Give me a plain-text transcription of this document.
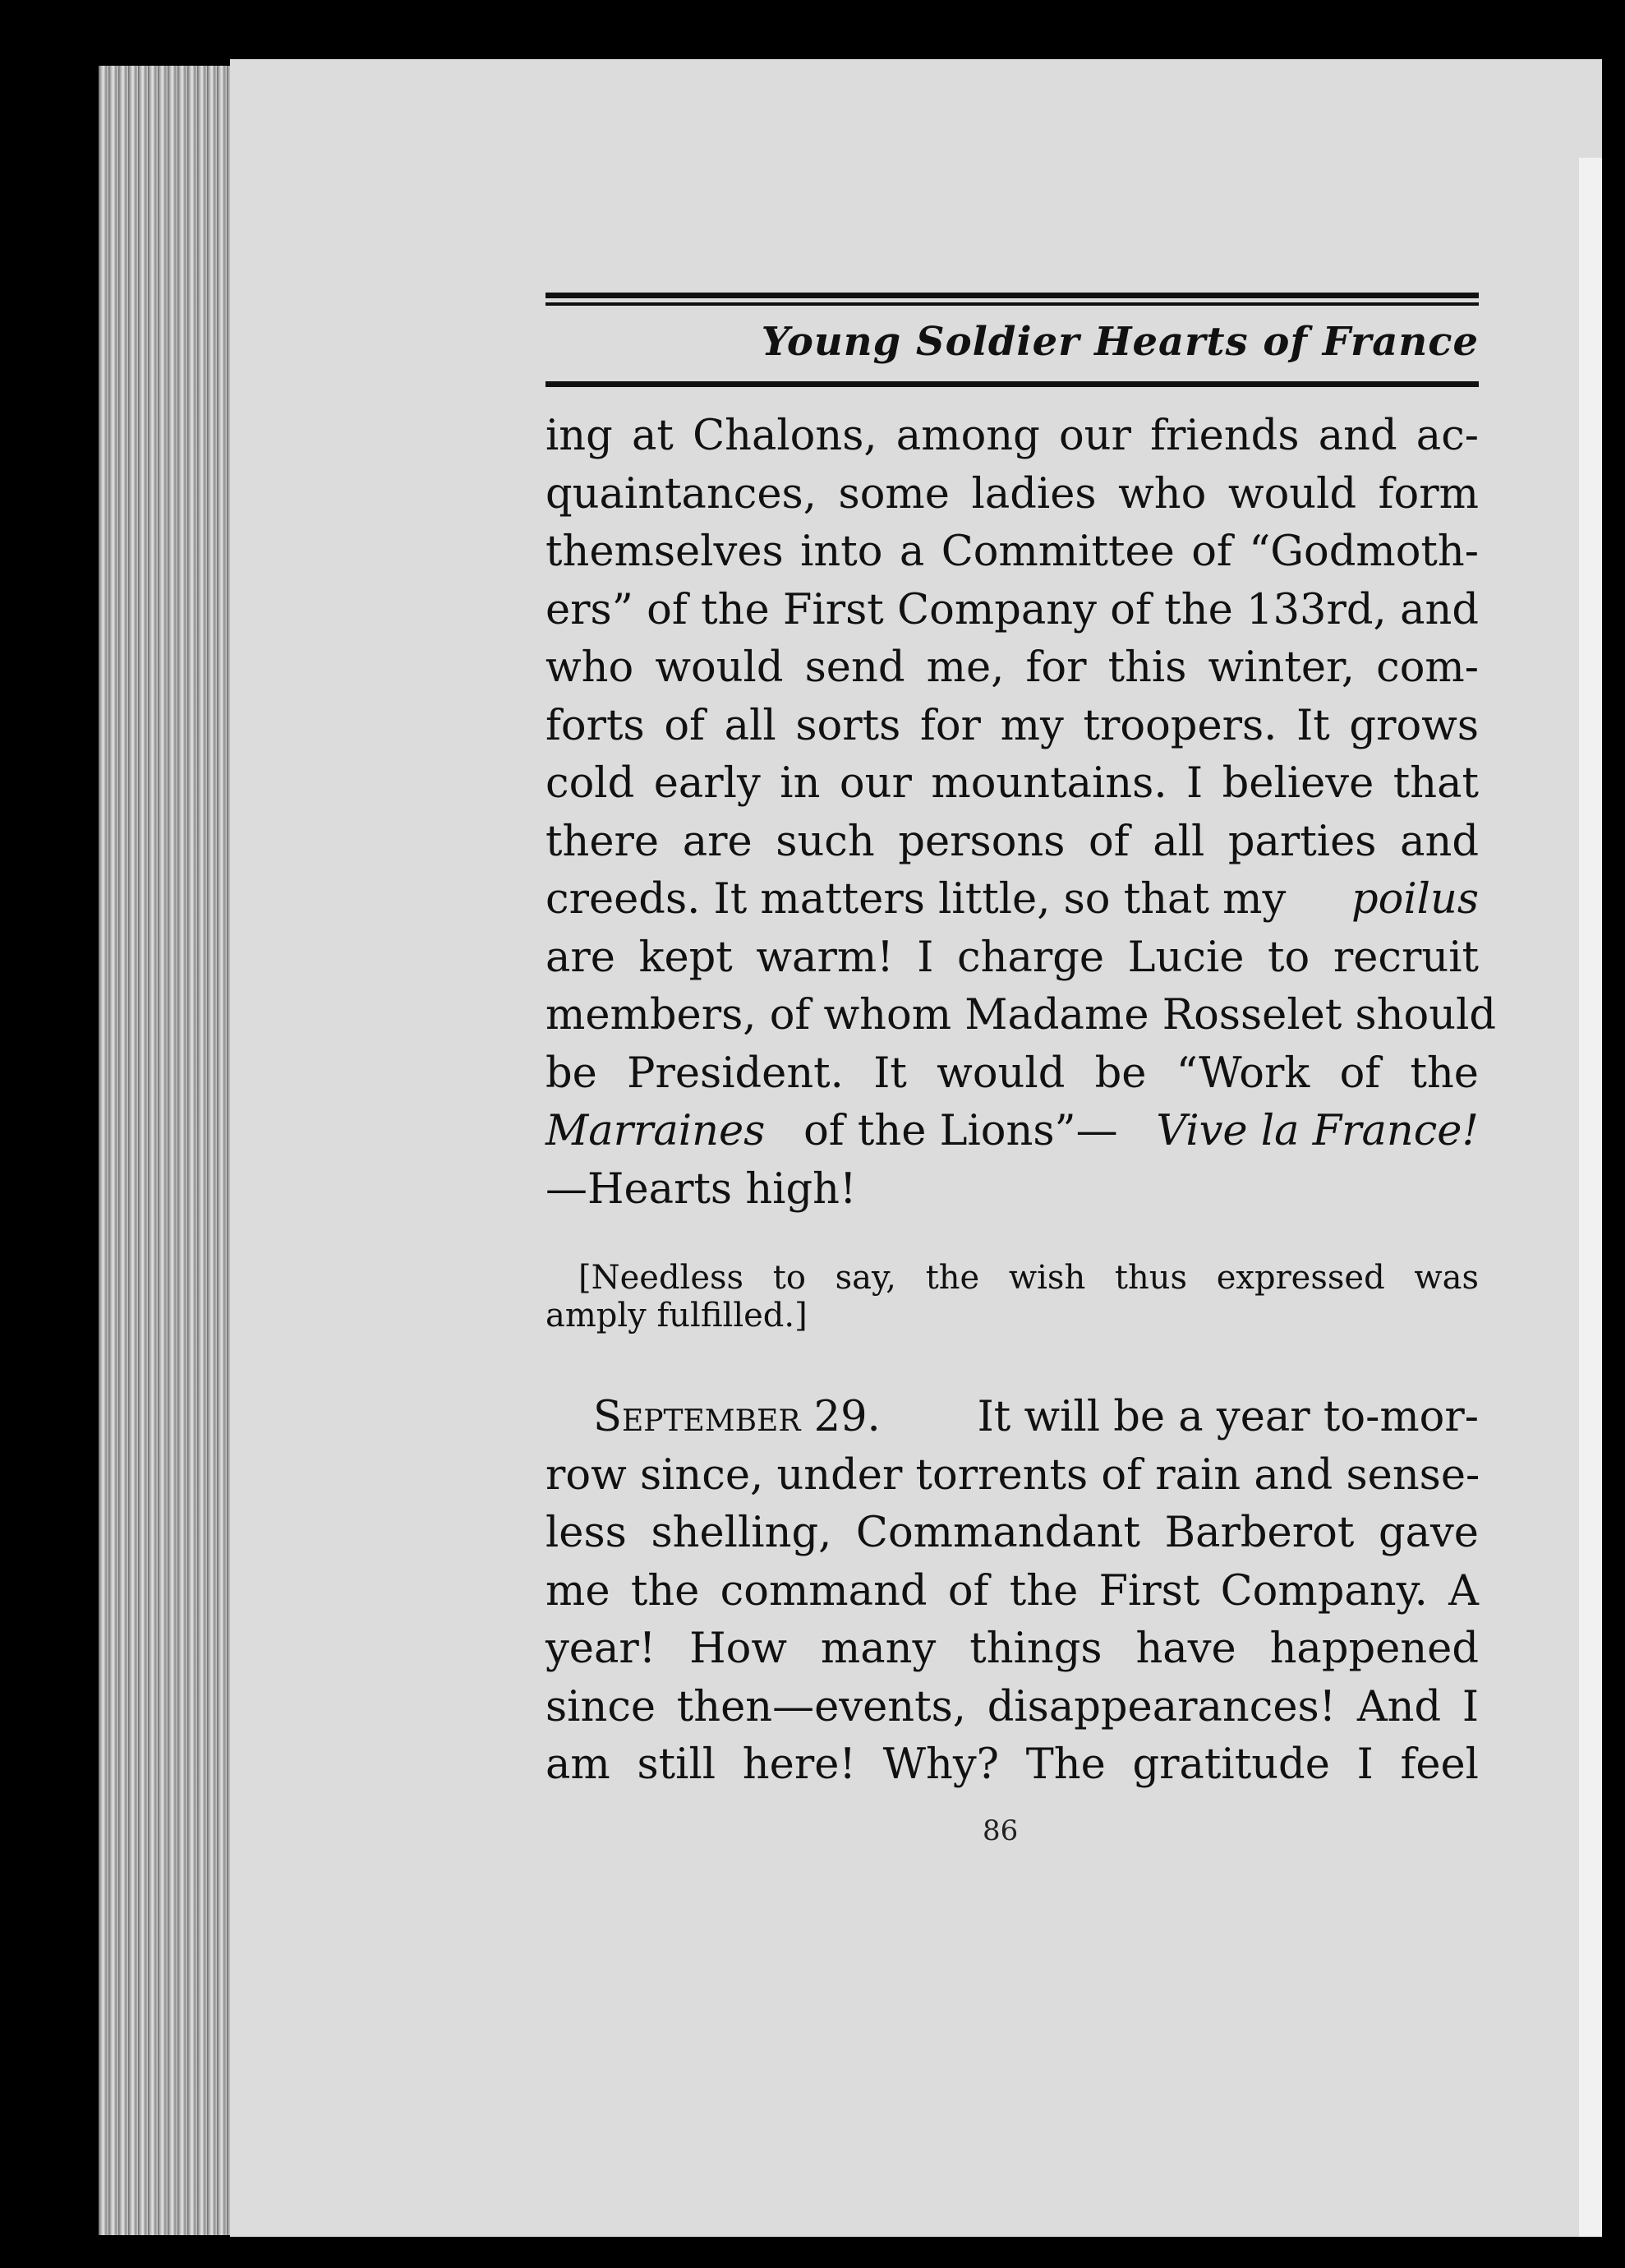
Young Soldier Hearts of France
ing at Chalons, among our friends and ac-
quaintances, some ladies who would form
themselves into a Committee of “Godmoth-
ers” of the First Company of the 133rd, and
who would send me, for this winter, com-
forts of all sorts for my troopers. It grows
cold early in our mountains. I believe that
there are such persons of all parties and
creeds. It matters little, so that my poilus
are kept warm! I charge Lucie to recruit
members, of whom Madame Rosselet should
be President. It would be “Work of the
Marraines of the Lions”— Vive la France!
—Hearts high!
[Needless to say, the wish thus expressed was
amply fulfilled.]
September 29. It will be a year to-mor-
row since, under torrents of rain and sense-
less shelling, Commandant Barberot gave
me the command of the First Company. A
year! How many things have happened
since then—events, disappearances! And I
am still here! Why? The gratitude I feel
86
